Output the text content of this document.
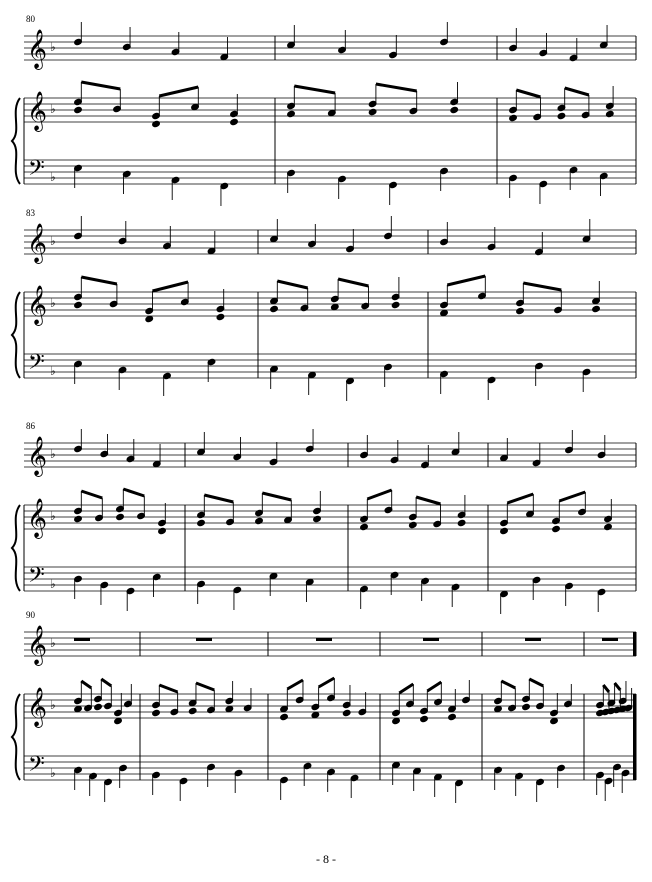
80
𝄞
𝄞
𝄢
♭
♭
♭
83
𝄞
𝄞
𝄢
♭
♭
♭
86
𝄞
𝄞
𝄢
♭
♭
♭
90
𝄞
𝄞
𝄢
♭
♭
♭
- 8 -
